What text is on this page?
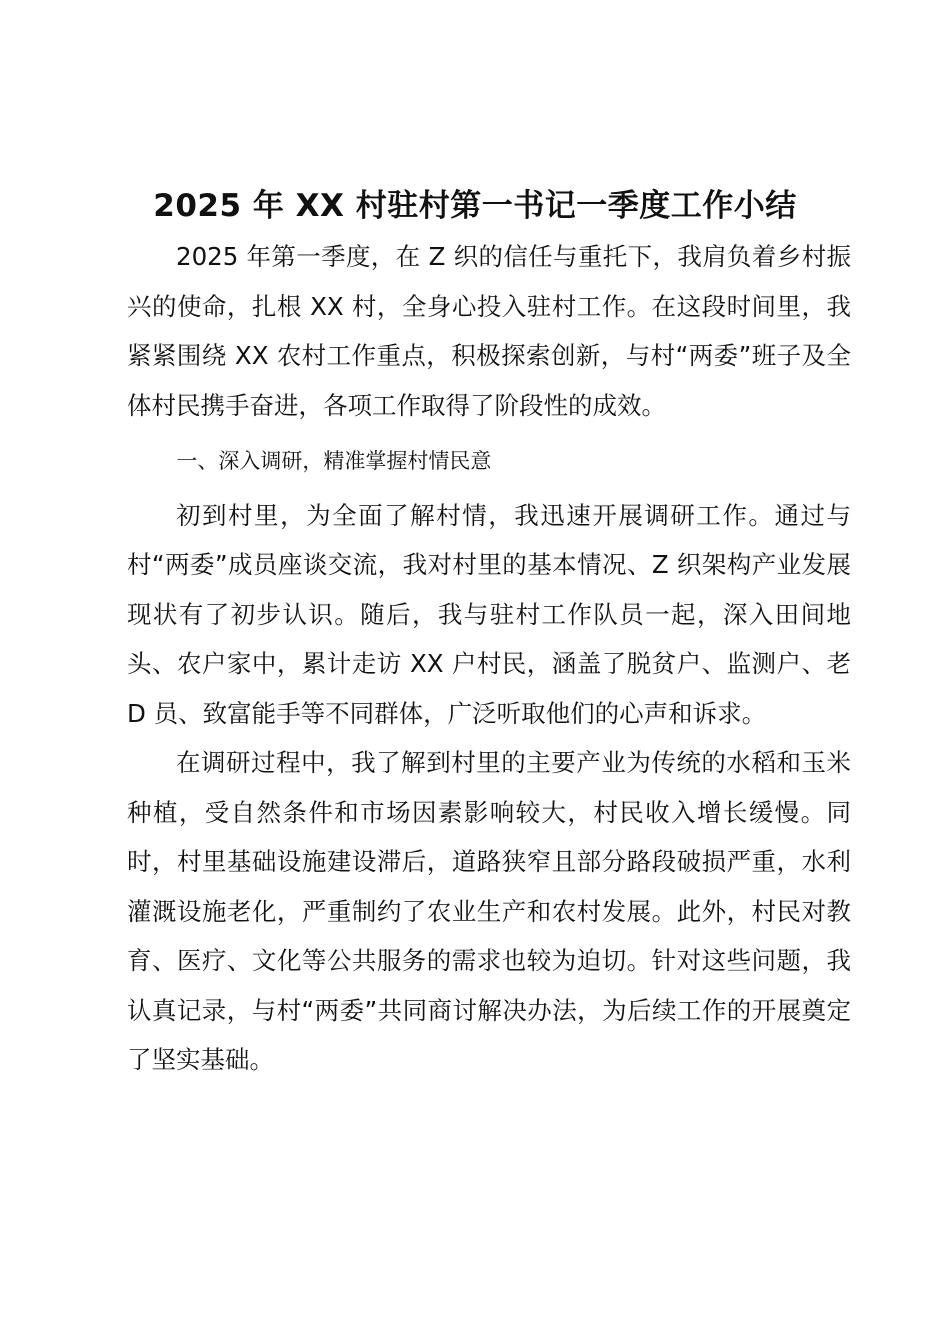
2025 年 XX 村驻村第一书记一季度工作小结

2025 年第一季度，在 Z 织的信任与重托下，我肩负着乡村振兴的使命，扎根 XX 村，全身心投入驻村工作。在这段时间里，我紧紧围绕 XX 农村工作重点，积极探索创新，与村“两委”班子及全体村民携手奋进，各项工作取得了阶段性的成效。

一、深入调研，精准掌握村情民意

初到村里，为全面了解村情，我迅速开展调研工作。通过与村“两委”成员座谈交流，我对村里的基本情况、Z 织架构产业发展现状有了初步认识。随后，我与驻村工作队员一起，深入田间地头、农户家中，累计走访 XX 户村民，涵盖了脱贫户、监测户、老 D 员、致富能手等不同群体，广泛听取他们的心声和诉求。

在调研过程中，我了解到村里的主要产业为传统的水稻和玉米种植，受自然条件和市场因素影响较大，村民收入增长缓慢。同时，村里基础设施建设滞后，道路狭窄且部分路段破损严重，水利灌溉设施老化，严重制约了农业生产和农村发展。此外，村民对教育、医疗、文化等公共服务的需求也较为迫切。针对这些问题，我认真记录，与村“两委”共同商讨解决办法，为后续工作的开展奠定了坚实基础。
